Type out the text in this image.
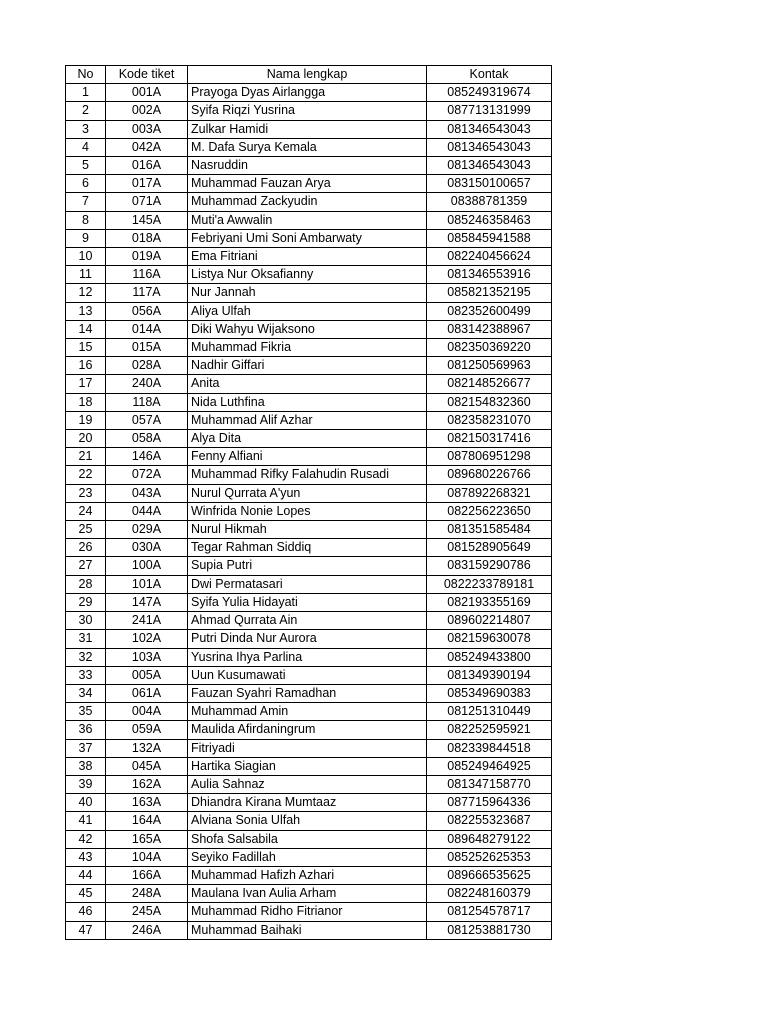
No	Kode tiket	Nama lengkap	Kontak
1	001A	Prayoga Dyas Airlangga	085249319674
2	002A	Syifa Riqzi Yusrina	087713131999
3	003A	Zulkar Hamidi	081346543043
4	042A	M. Dafa Surya Kemala	081346543043
5	016A	Nasruddin	081346543043
6	017A	Muhammad Fauzan Arya	083150100657
7	071A	Muhammad Zackyudin	08388781359
8	145A	Muti'a Awwalin	085246358463
9	018A	Febriyani Umi Soni Ambarwaty	085845941588
10	019A	Ema Fitriani	082240456624
11	116A	Listya Nur Oksafianny	081346553916
12	117A	Nur Jannah	085821352195
13	056A	Aliya Ulfah	082352600499
14	014A	Diki Wahyu Wijaksono	083142388967
15	015A	Muhammad Fikria	082350369220
16	028A	Nadhir Giffari	081250569963
17	240A	Anita	082148526677
18	118A	Nida Luthfina	082154832360
19	057A	Muhammad Alif Azhar	082358231070
20	058A	Alya Dita	082150317416
21	146A	Fenny Alfiani	087806951298
22	072A	Muhammad Rifky Falahudin Rusadi	089680226766
23	043A	Nurul Qurrata A'yun	087892268321
24	044A	Winfrida Nonie Lopes	082256223650
25	029A	Nurul Hikmah	081351585484
26	030A	Tegar Rahman Siddiq	081528905649
27	100A	Supia Putri	083159290786
28	101A	Dwi Permatasari	0822233789181
29	147A	Syifa Yulia Hidayati	082193355169
30	241A	Ahmad Qurrata Ain	089602214807
31	102A	Putri Dinda Nur Aurora	082159630078
32	103A	Yusrina Ihya Parlina	085249433800
33	005A	Uun Kusumawati	081349390194
34	061A	Fauzan Syahri Ramadhan	085349690383
35	004A	Muhammad Amin	081251310449
36	059A	Maulida Afirdaningrum	082252595921
37	132A	Fitriyadi	082339844518
38	045A	Hartika Siagian	085249464925
39	162A	Aulia Sahnaz	081347158770
40	163A	Dhiandra Kirana Mumtaaz	087715964336
41	164A	Alviana Sonia Ulfah	082255323687
42	165A	Shofa Salsabila	089648279122
43	104A	Seyiko Fadillah	085252625353
44	166A	Muhammad Hafizh Azhari	089666535625
45	248A	Maulana Ivan Aulia Arham	082248160379
46	245A	Muhammad Ridho Fitrianor	081254578717
47	246A	Muhammad Baihaki	081253881730
